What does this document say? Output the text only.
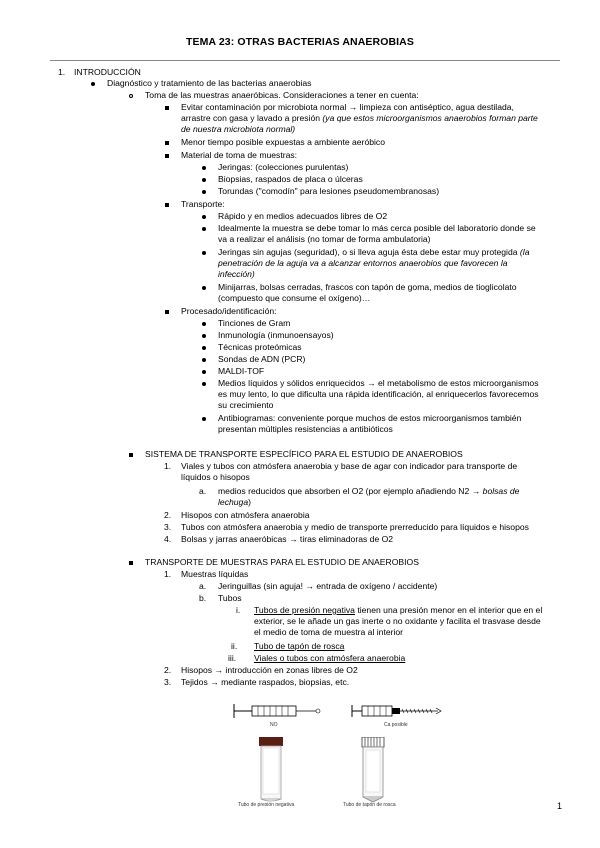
TEMA 23: OTRAS BACTERIAS ANAEROBIAS
1. INTRODUCCIÓN
Diagnóstico y tratamiento de las bacterias anaerobias
Toma de las muestras anaeróbicas. Consideraciones a tener en cuenta:
Evitar contaminación por microbiota normal → limpieza con antiséptico, agua destilada,
arrastre con gasa y lavado a presión (ya que estos microorganismos anaerobios forman parte
de nuestra microbiota normal)
Menor tiempo posible expuestas a ambiente aeróbico
Material de toma de muestras:
Jeringas: (colecciones purulentas)
Biopsias, raspados de placa o úlceras
Torundas ("comodín" para lesiones pseudomembranosas)
Transporte:
Rápido y en medios adecuados libres de O2
Idealmente la muestra se debe tomar lo más cerca posible del laboratorio donde se
va a realizar el análisis (no tomar de forma ambulatoria)
Jeringas sin agujas (seguridad), o si lleva aguja ésta debe estar muy protegida (la
penetración de la aguja va a alcanzar entornos anaerobios que favorecen la
infección)
Minijarras, bolsas cerradas, frascos con tapón de goma, medios de tioglicolato
(compuesto que consume el oxígeno)…
Procesado/identificación:
Tinciones de Gram
Inmunología (inmunoensayos)
Técnicas proteómicas
Sondas de ADN (PCR)
MALDI-TOF
Medios líquidos y sólidos enriquecidos → el metabolismo de estos microorganismos
es muy lento, lo que dificulta una rápida identificación, al enriquecerlos favorecemos
su crecimiento
Antibiogramas: conveniente porque muchos de estos microorganismos también
presentan múltiples resistencias a antibióticos
SISTEMA DE TRANSPORTE ESPECÍFICO PARA EL ESTUDIO DE ANAEROBIOS
1. Viales y tubos con atmósfera anaerobia y base de agar con indicador para transporte de
líquidos o hisopos
a. medios reducidos que absorben el O2 (por ejemplo añadiendo N2 → bolsas de
lechuga)
2. Hisopos con atmósfera anaerobia
3. Tubos con atmósfera anaerobia y medio de transporte prerreducido para líquidos e hisopos
4. Bolsas y jarras anaeróbicas → tiras eliminadoras de O2
TRANSPORTE DE MUESTRAS PARA EL ESTUDIO DE ANAEROBIOS
1. Muestras líquidas
a. Jeringuillas (sin aguja! → entrada de oxígeno / accidente)
b. Tubos
i. Tubos de presión negativa tienen una presión menor en el interior que en el
exterior, se le añade un gas inerte o no oxidante y facilita el trasvase desde
el medio de toma de muestra al interior
ii. Tubo de tapón de rosca
iii. Viales o tubos con atmósfera anaerobia
2. Hisopos → introducción en zonas libres de O2
3. Tejidos → mediante raspados, biopsias, etc.
NO	Ca posible
Tubo de presión negativa	Tubo de tapón de rosca	1
